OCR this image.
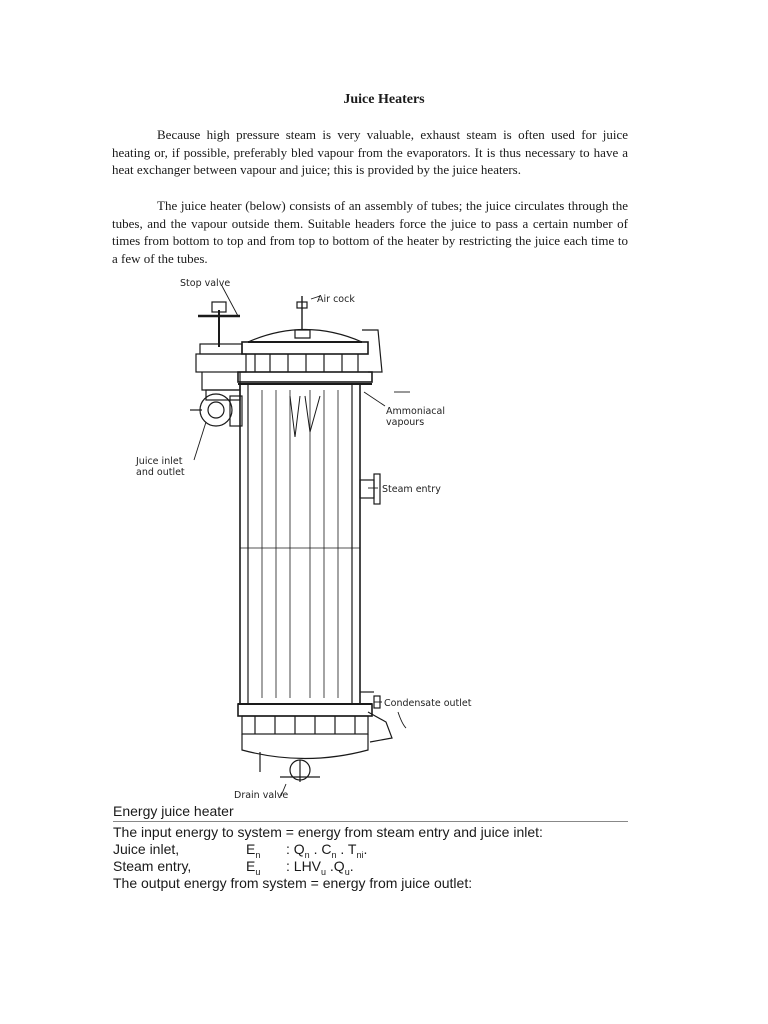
Juice Heaters

Because high pressure steam is very valuable, exhaust steam is often used for juice heating or, if possible, preferably bled vapour from the evaporators. It is thus necessary to have a heat exchanger between vapour and juice; this is provided by the juice heaters.

The juice heater (below) consists of an assembly of tubes; the juice circulates through the tubes, and the vapour outside them. Suitable headers force the juice to pass a certain number of times from bottom to top and from top to bottom of the heater by restricting the juice each time to a few of the tubes.

Stop valve
Air cock
Ammoniacal
vapours
Juice inlet
and outlet
Steam entry
Condensate outlet
Drain valve
Energy juice heater
The input energy to system = energy from steam entry and juice inlet:
Juice inlet,	$E_n$ : $Q_n$ . $C_n$ . $T_{ni}$.
Steam entry,	$E_u$ : $LHV_u$ $.Q_u$.
The output energy from system = energy from juice outlet:
